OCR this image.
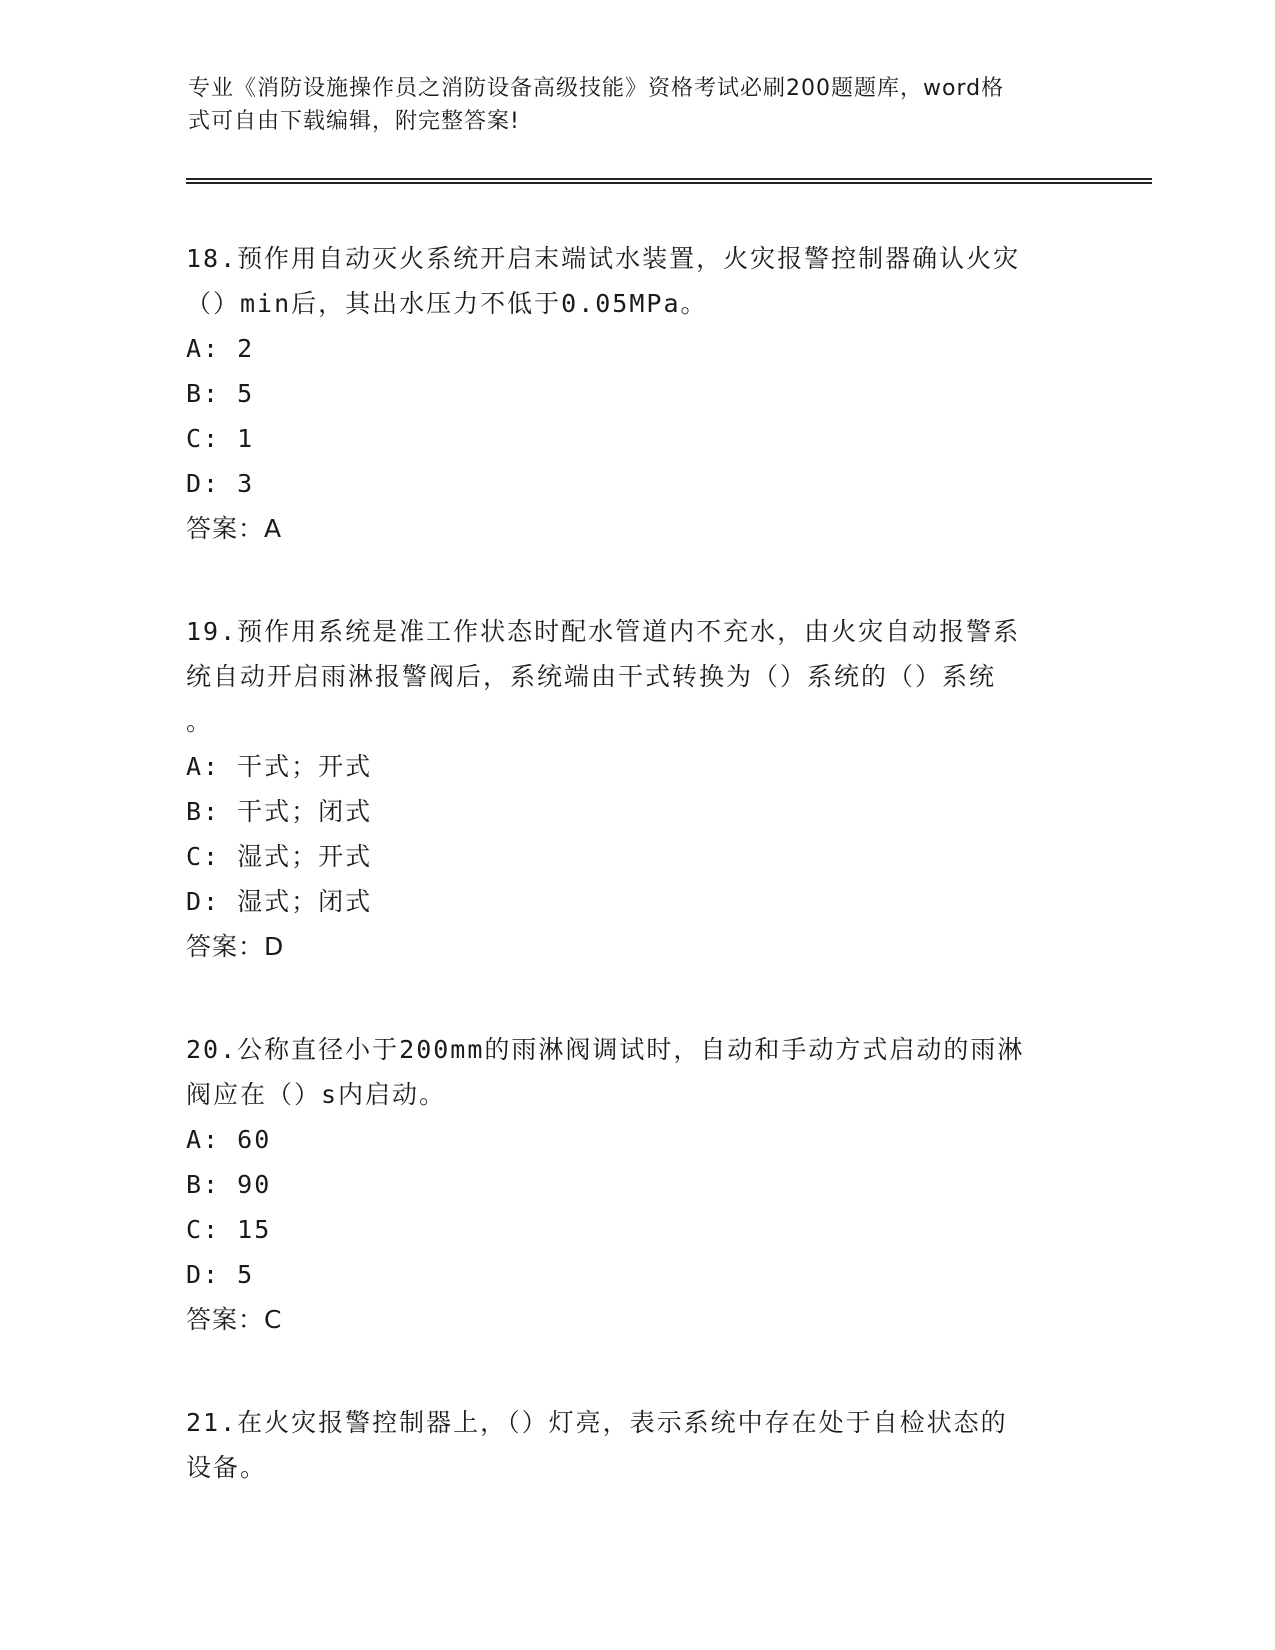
专业《消防设施操作员之消防设备高级技能》资格考试必刷200题题库，word格
式可自由下载编辑，附完整答案!

18.预作用自动灭火系统开启末端试水装置，火灾报警控制器确认火灾

（）min后，其出水压力不低于0.05MPa。

A: 2

B: 5

C: 1

D: 3

答案：A

19.预作用系统是准工作状态时配水管道内不充水，由火灾自动报警系

统自动开启雨淋报警阀后，系统端由干式转换为（）系统的（）系统

。

A: 干式；开式

B: 干式；闭式

C: 湿式；开式

D: 湿式；闭式

答案：D

20.公称直径小于200mm的雨淋阀调试时，自动和手动方式启动的雨淋

阀应在（）s内启动。

A: 60

B: 90

C: 15

D: 5

答案：C

21.在火灾报警控制器上，（）灯亮，表示系统中存在处于自检状态的

设备。
